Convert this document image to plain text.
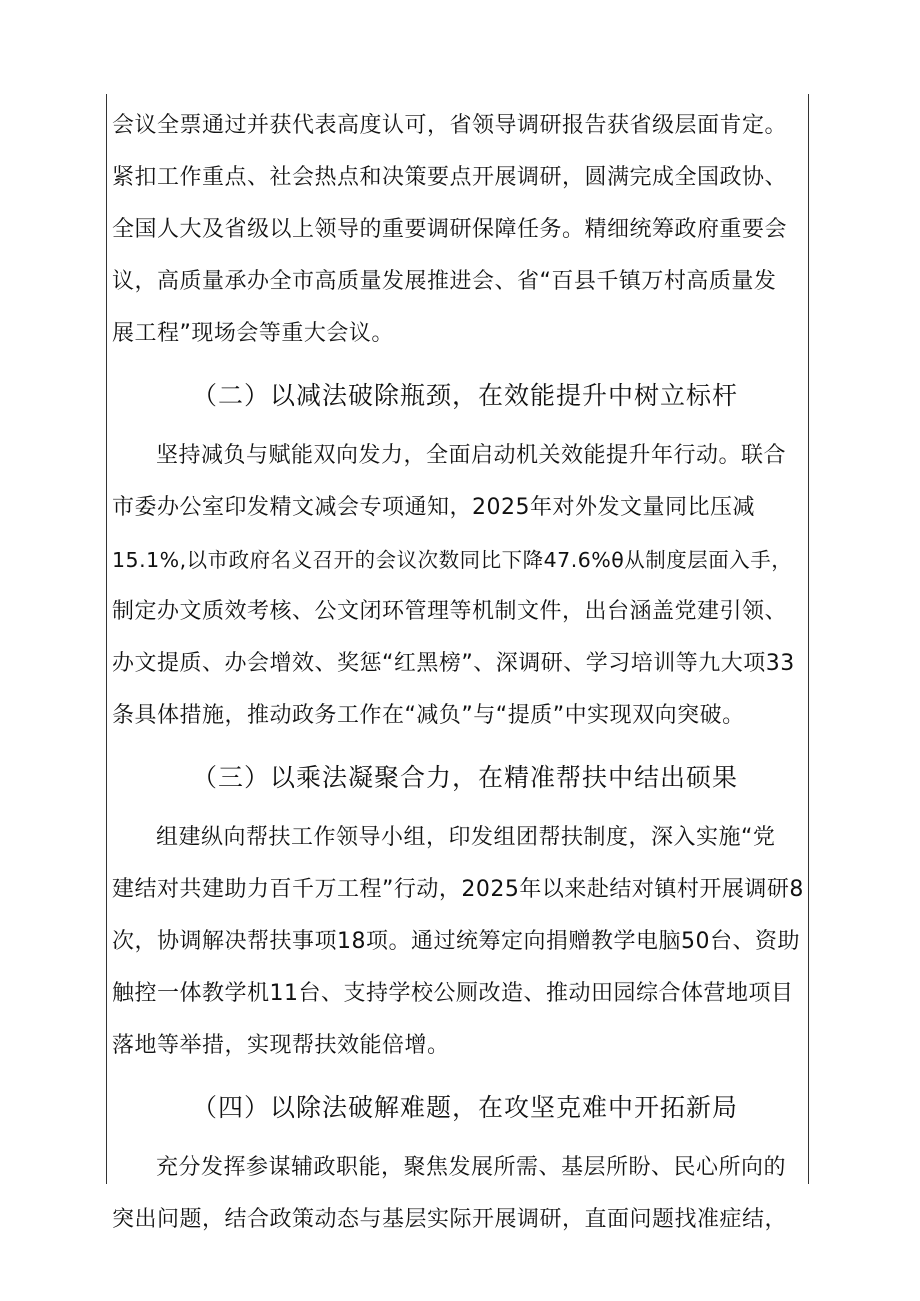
会议全票通过并获代表高度认可，省领导调研报告获省级层面肯定。
紧扣工作重点、社会热点和决策要点开展调研，圆满完成全国政协、
全国人大及省级以上领导的重要调研保障任务。精细统筹政府重要会
议，高质量承办全市高质量发展推进会、省“百县千镇万村高质量发
展工程”现场会等重大会议。
（二）以减法破除瓶颈，在效能提升中树立标杆
坚持减负与赋能双向发力，全面启动机关效能提升年行动。联合
市委办公室印发精文减会专项通知，2025年对外发文量同比压减
15.1%,以市政府名义召开的会议次数同比下降47.6%θ从制度层面入手，
制定办文质效考核、公文闭环管理等机制文件，出台涵盖党建引领、
办文提质、办会增效、奖惩“红黑榜”、深调研、学习培训等九大项33
条具体措施，推动政务工作在“减负”与“提质”中实现双向突破。
（三）以乘法凝聚合力，在精准帮扶中结出硕果
组建纵向帮扶工作领导小组，印发组团帮扶制度，深入实施“党
建结对共建助力百千万工程”行动，2025年以来赴结对镇村开展调研8
次，协调解决帮扶事项18项。通过统筹定向捐赠教学电脑50台、资助
触控一体教学机11台、支持学校公厕改造、推动田园综合体营地项目
落地等举措，实现帮扶效能倍增。
（四）以除法破解难题，在攻坚克难中开拓新局
充分发挥参谋辅政职能，聚焦发展所需、基层所盼、民心所向的
突出问题，结合政策动态与基层实际开展调研，直面问题找准症结，
